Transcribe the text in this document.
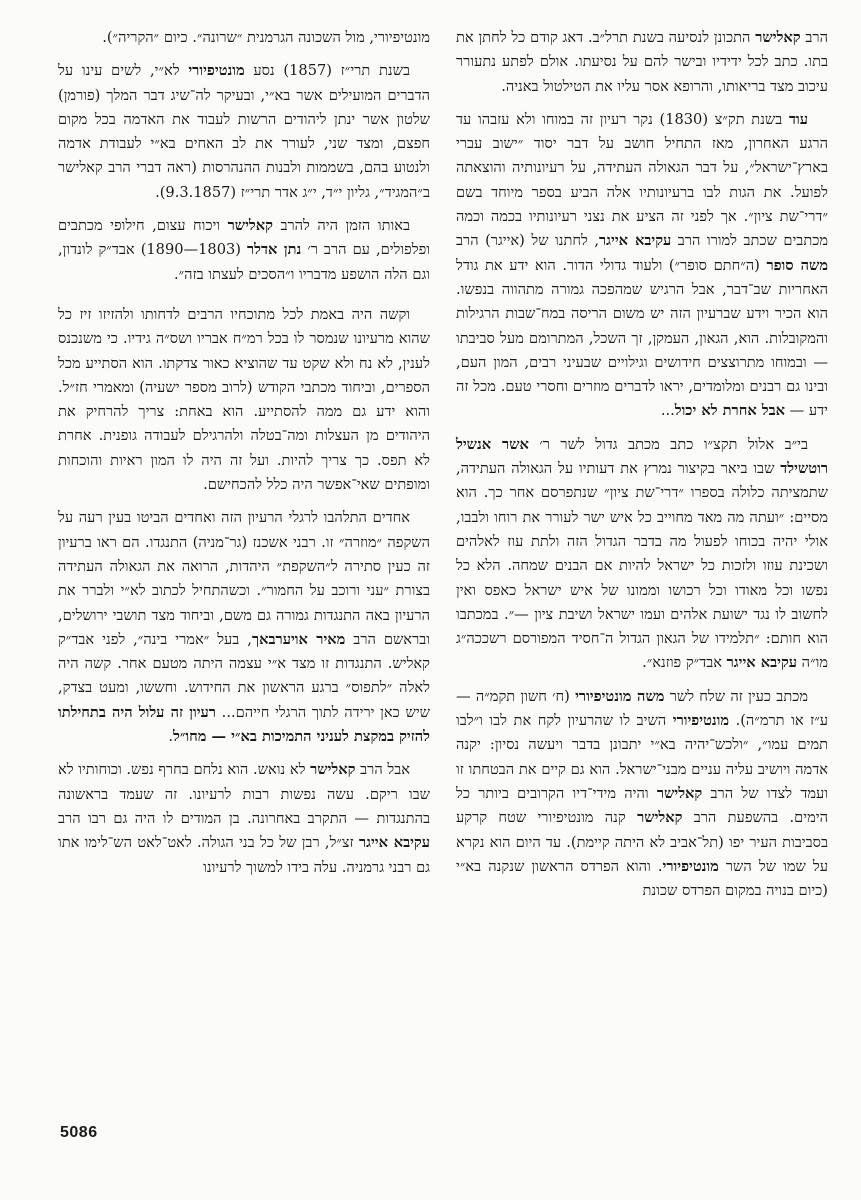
הרב קאלישר התכונן לנסיעה בשנת תרל״ב. דאג קודם כל לחתן את בתו. כתב לכל ידידיו ובישר להם על נסיעתו. אולם לפתע נתעורר עיכוב מצד בריאותו, והרופא אסר עליו את הטילטול באניה.

עוד בשנת תק״צ (1830) נקר רעיון זה במוחו ולא עזבהו עד הרגע האחרון, מאז התחיל חושב על דבר יסוד ״ישוב עברי בארץ־ישראל״, על דבר הגאולה העתידה, על רעיונותיה והוצאתה לפועל. את הגות לבו ברעיונותיו אלה הביע בספר מיוחד בשם ״דרי־שת ציון״. אך לפני זה הציע את נצני רעיונותיו בכמה וכמה מכתבים שכתב למורו הרב עקיבא אייגר, לחתנו של (אייגר) הרב משה סופר (ה״חתם סופר״) ולעוד גדולי הדור. הוא ידע את גודל האחריות שב־דבר, אבל הרגיש שמהפכה גמורה מתהווה בנפשו. הוא הכיר וידע שברעיון הזה יש משום הריסה במח־שבות הרגילות והמקובלות. הוא, הגאון, העמקן, זך השכל, המתרומם מעל סביבתו — ובמוחו מתרוצצים חידושים וגילויים שבעיני רבים, המון העם, ובינו גם רבנים ומלומדים, יראו לדברים מוזרים וחסרי טעם. מכל זה ידע — אבל אחרת לא יכול...

בי״ב אלול תקצ״ו כתב מכתב גדול לשר ר׳ אשר אנשיל רוטשילד שבו ביאר בקיצור נמרץ את דעותיו על הגאולה העתידה, שתמציתה כלולה בספרו ״דרי־שת ציון״ שנתפרסם אחר כך. הוא מסיים: ״ועתה מה מאד מחוייב כל איש ישר לעורר את רוחו ולבבו, אולי יהיה בכוחו לפעול מה בדבר הגדול הזה ולתת עוז לאלהים ושכינת עוזו ולזכות כל ישראל להיות אם הבנים שמחה. הלא כל נפשו וכל מאודו וכל רכושו וממונו של איש ישראל כאפס ואין לחשוב לו נגד ישועת אלהים ועמו ישראל ושיבת ציון —״. במכתבו הוא חותם: ״תלמידו של הגאון הגדול ה־חסיד המפורסם רשככה״ג מו״ה עקיבא אייגר אבד״ק פוזנא״.

מכתב כעין זה שלח לשר משה מונטיפיורי (ח׳ חשון תקמ״ה — ע״ז או תרמ״ה). מונטיפיורי השיב לו שהרעיון לקח את לבו ו״לבו תמים עמו״, ״ולכש־יהיה בא״י יתבונן בדבר ויעשה נסיון: יקנה אדמה ויושיב עליה עניים מבני־ישראל. הוא גם קיים את הבטחתו זו ועמד לצדו של הרב קאלישר והיה מידי־דיו הקרובים ביותר כל הימים. בהשפעת הרב קאלישר קנה מונטיפיורי שטח קרקע בסביבות העיר יפו (תל־אביב לא היתה קיימת). עד היום הוא נקרא על שמו של השר מונטיפיורי. והוא הפרדס הראשון שנקנה בא״י (כיום בנויה במקום הפרדס שכונת

מונטיפיורי, מול השכונה הגרמנית ״שרונה״. כיום ״הקריה״).

בשנת תרי״ז (1857) נסע מונטיפיורי לא״י, לשים עינו על הדברים המועילים אשר בא״י, ובעיקר לה־שיג דבר המלך (פורמן) שלטון אשר ינתן ליהודים הרשות לעבוד את האדמה בכל מקום חפצם, ומצד שני, לעורר את לב האחים בא״י לעבודת אדמה ולנטוע בהם, בשממות ולבנות ההנהרסות (ראה דברי הרב קאלישר ב״המגיד״, גליון י״ד, י״ג אדר תרי״ז (9.3.1857).

באותו הזמן היה להרב קאלישר ויכוח עצום, חילופי מכתבים ופלפולים, עם הרב ר׳ נתן אדלר (1803—1890) אבד״ק לונדון, וגם הלה הושפע מדבריו ו״הסכים לעצתו בזה״.

וקשה היה באמת לכל מתוכחיו הרבים לדחותו ולהזיזו זיז כל שהוא מרעיונו שנמסר לו בכל רמ״ח אבריו ושס״ה גידיו. כי משנכנס לענין, לא נח ולא שקט עד שהוציא כאור צדקתו. הוא הסתייע מכל הספרים, וביחוד מכתבי הקודש (לרוב מספר ישעיה) ומאמרי חז״ל. והוא ידע גם ממה להסתייע. הוא באחת: צריך להרחיק את היהודים מן העצלות ומה־בטלה ולהרגילם לעבודה גופנית. אחרת לא תפס. כך צריך להיות. ועל זה היה לו המון ראיות והוכחות ומופתים שאי־אפשר היה כלל להכחישם.

אחדים התלהבו לרגלי הרעיון הזה ואחדים הביטו בעין רעה על השקפה ״מוזרה״ זו. רבני אשכנז (גר־מניה) התנגדו. הם ראו ברעיון זה כעין סתירה ל״השקפת״ היהדות, הרואה את הגאולה העתידה בצורת ״עני ורוכב על החמור״. וכשהתחיל לכתוב לא״י ולברר את הרעיון באה התנגדות גמורה גם משם, וביחוד מצד תושבי ירושלים, ובראשם הרב מאיר אויערבאך, בעל ״אמרי בינה״, לפני אבד״ק קאליש. התנגדות זו מצד א״י עצמה היתה מטעם אחר. קשה היה לאלה ״לתפוס״ ברגע הראשון את החידוש. וחששו, ומעט בצדק, שיש כאן ירידה לתוך הרגלי חייהם... רעיון זה עלול היה בתחילתו להזיק במקצת לעניני התמיכות בא״י — מחו״ל.

אבל הרב קאלישר לא נואש. הוא נלחם בחרף נפש. וכוחותיו לא שבו ריקם. עשה נפשות רבות לרעיונו. זה שעמד בראשונה בהתנגדות — התקרב באחרונה. בן המודים לו היה גם רבו הרב עקיבא אייגר זצ״ל, רבן של כל בני הגולה. לאט־לאט הש־לימו אתו גם רבני גרמניה. עלה בידו למשוך לרעיונו

5086
